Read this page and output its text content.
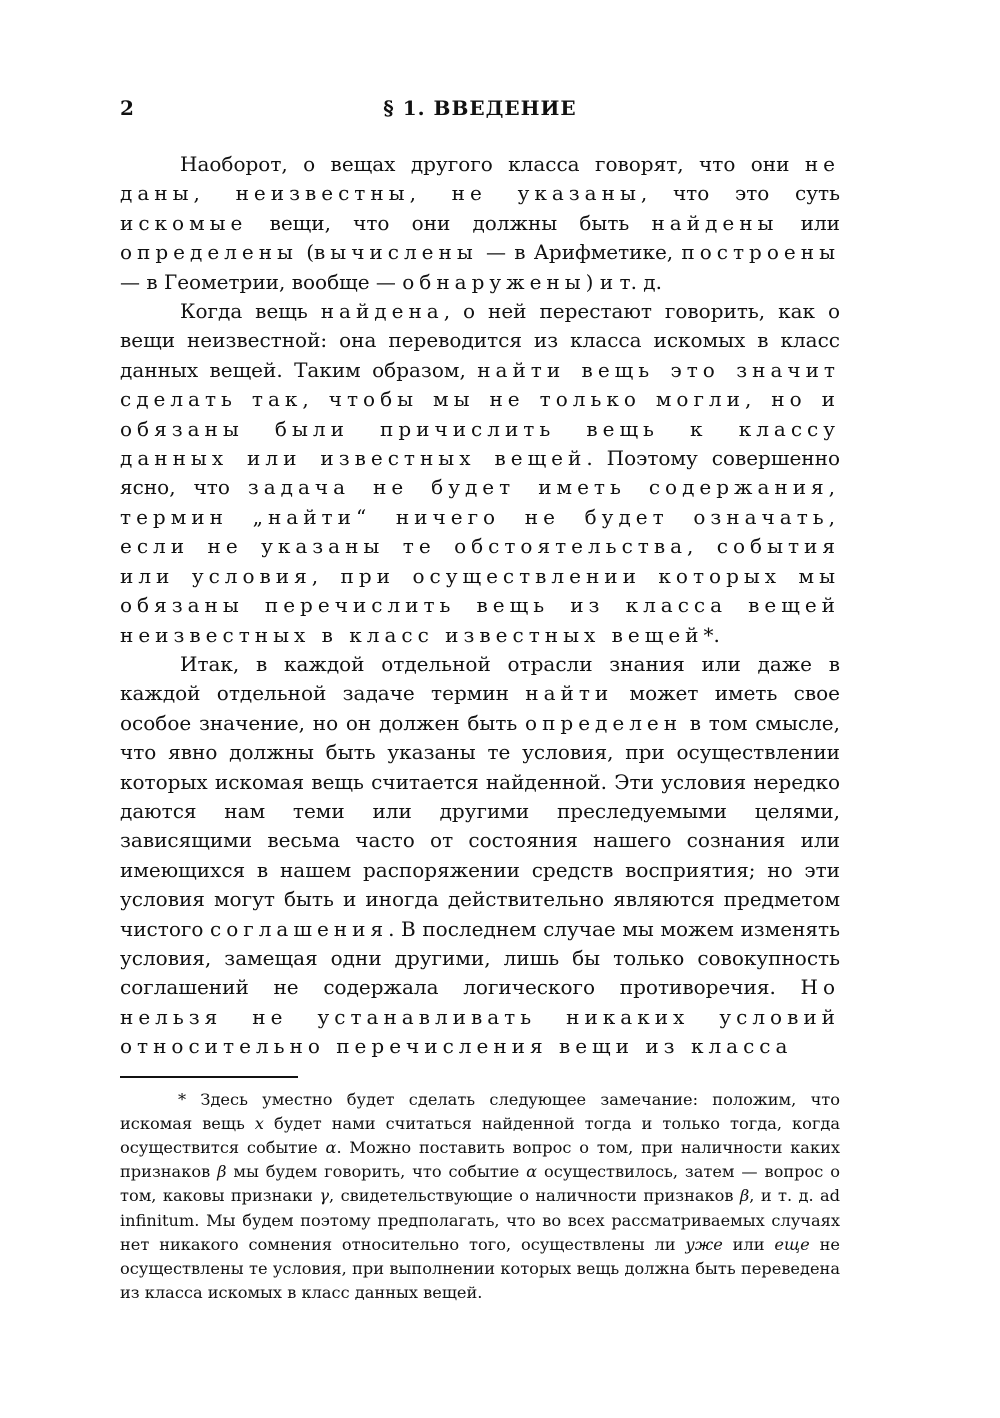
2	§ 1. ВВЕДЕНИЕ

Наоборот, о вещах другого класса говорят, что они не даны, неизвестны, не указаны, что это суть искомые вещи, что они должны быть найдены или определены (вычислены — в Арифметике, построены — в Геометрии, вообще — обнаружены) и т. д.

Когда вещь найдена, о ней перестают говорить, как о вещи неизвестной: она переводится из класса искомых в класс данных вещей. Таким образом, найти вещь это значит сделать так, чтобы мы не только могли, но и обязаны были причислить вещь к классу данных или известных вещей. Поэтому совершенно ясно, что задача не будет иметь содержания, термин „найти“ ничего не будет означать, если не указаны те обстоятельства, события или условия, при осуществлении которых мы обязаны перечислить вещь из класса вещей неизвестных в класс известных вещей*.

Итак, в каждой отдельной отрасли знания или даже в каждой отдельной задаче термин найти может иметь свое особое значение, но он должен быть определен в том смысле, что явно должны быть указаны те условия, при осуществлении которых искомая вещь считается найденной. Эти условия нередко даются нам теми или другими преследуемыми целями, зависящими весьма часто от состояния нашего сознания или имеющихся в нашем распоряжении средств восприятия; но эти условия могут быть и иногда действительно являются предметом чистого соглашения. В последнем случае мы можем изменять условия, замещая одни другими, лишь бы только совокупность соглашений не содержала логического противоречия. Но нельзя не устанавливать никаких условий относительно перечисления вещи из класса

* Здесь уместно будет сделать следующее замечание: положим, что искомая вещь x будет нами считаться найденной тогда и только тогда, когда осуществится событие α. Можно поставить вопрос о том, при наличности каких признаков β мы будем говорить, что событие α осуществилось, затем — вопрос о том, каковы признаки γ, свидетельствующие о наличности признаков β, и т. д. ad infinitum. Мы будем поэтому предполагать, что во всех рассматриваемых случаях нет никакого сомнения относительно того, осуществлены ли уже или еще не осуществлены те условия, при выполнении которых вещь должна быть переведена из класса искомых в класс данных вещей.
